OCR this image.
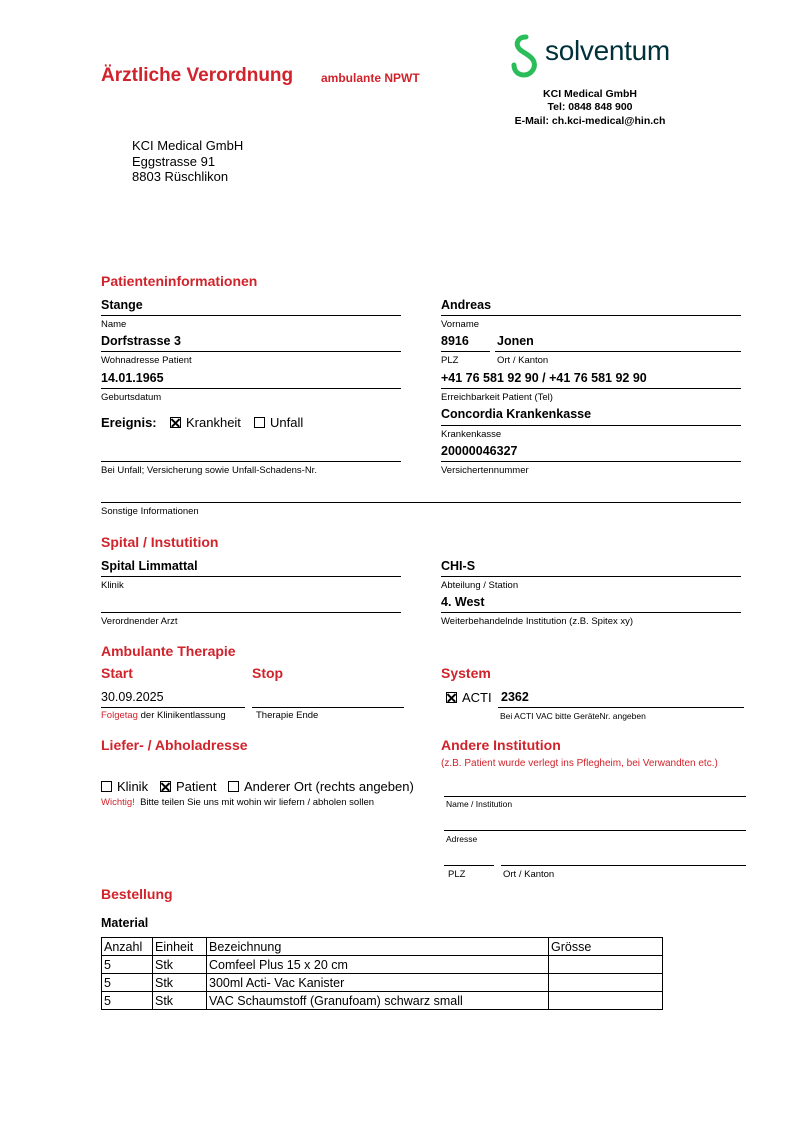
Ärztliche Verordnung ambulante NPWT
solventum
KCI Medical GmbH
Tel: 0848 848 900
E-Mail: ch.kci-medical@hin.ch
KCI Medical GmbH
Eggstrasse 91
8803 Rüschlikon
Patienteninformationen
Stange
Name
Andreas
Vorname
Dorfstrasse 3
Wohnadresse Patient
8916
PLZ
Jonen
Ort / Kanton
14.01.1965
Geburtsdatum
+41 76 581 92 90 / +41 76 581 92 90
Erreichbarkeit Patient (Tel)
Ereignis:	Krankheit	Unfall
Concordia Krankenkasse
Krankenkasse
20000046327
Versichertennummer
Bei Unfall; Versicherung sowie Unfall-Schadens-Nr.
Sonstige Informationen
Spital / Instutition
Spital Limmattal
Klinik
CHI-S
Abteilung / Station
Verordnender Arzt
4. West
Weiterbehandelnde Institution (z.B. Spitex xy)
Ambulante Therapie
Start	Stop	System
30.09.2025
Folgetag der Klinikentlassung	Therapie Ende
ACTI 2362
Bei ACTI VAC bitte GeräteNr. angeben
Liefer- / Abholadresse
Klinik	Patient	Anderer Ort (rechts angeben)
Wichtig! Bitte teilen Sie uns mit wohin wir liefern / abholen sollen
Andere Institution
(z.B. Patient wurde verlegt ins Pflegheim, bei Verwandten etc.)
Name / Institution
Adresse
PLZ	Ort / Kanton
Bestellung
Material
Anzahl	Einheit	Bezeichnung	Grösse
5	Stk	Comfeel Plus 15 x 20 cm	
5	Stk	300ml Acti- Vac Kanister	
5	Stk	VAC Schaumstoff (Granufoam) schwarz small	
